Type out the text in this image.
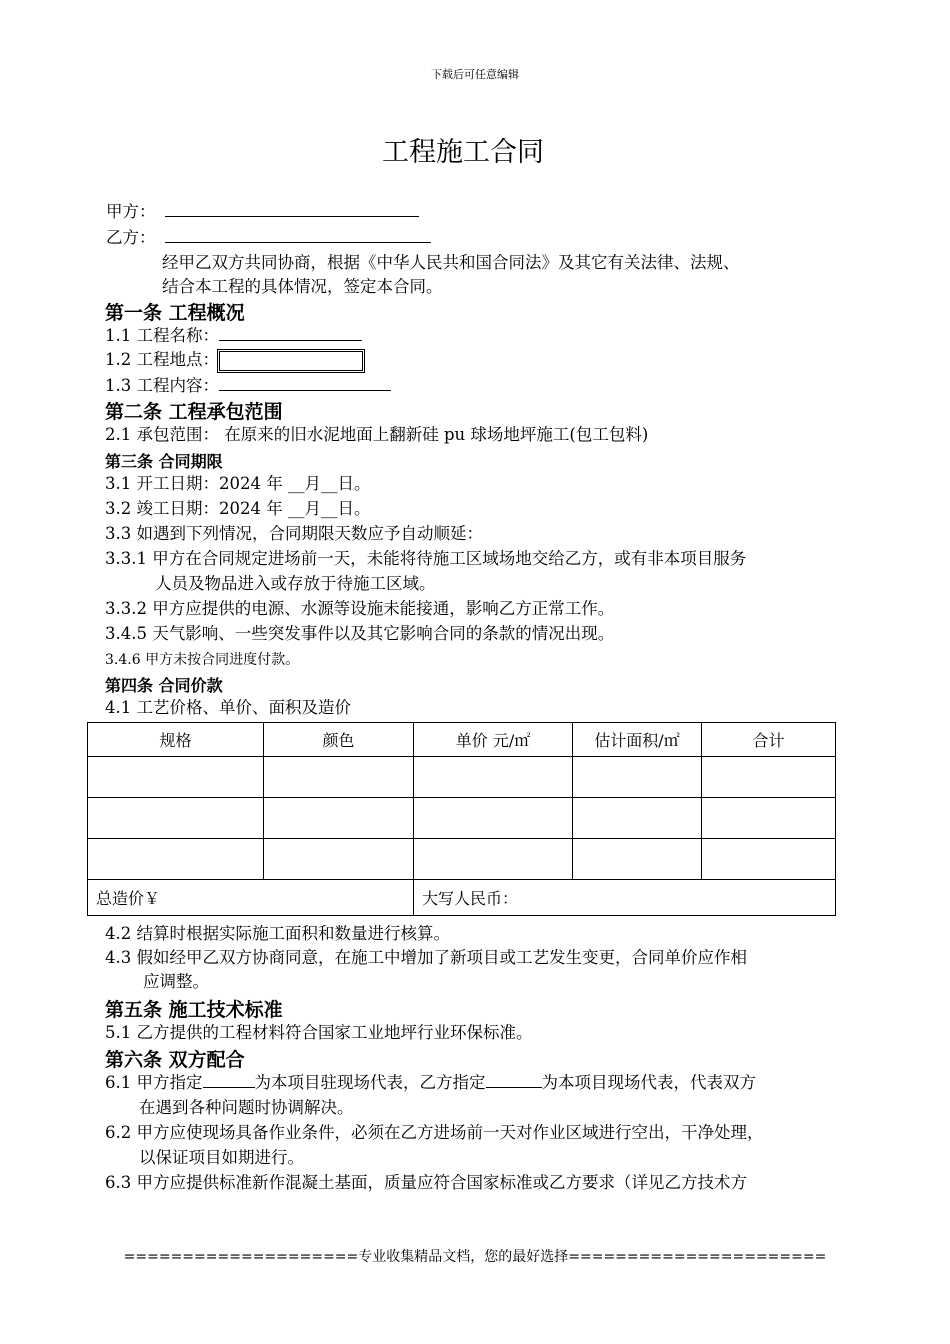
下载后可任意编辑
工程施工合同
甲方：
乙方：
经甲乙双方共同协商，根据《中华人民共和国合同法》及其它有关法律、法规、
结合本工程的具体情况，签定本合同。
第一条 工程概况
1.1 工程名称：
1.2 工程地点：
1.3 工程内容：
第二条 工程承包范围
2.1 承包范围： 在原来的旧水泥地面上翻新硅 pu 球场地坪施工(包工包料)
第三条 合同期限
3.1 开工日期：2024 年 __月__日。
3.2 竣工日期：2024 年 __月__日。
3.3 如遇到下列情况，合同期限天数应予自动顺延：
3.3.1 甲方在合同规定进场前一天，未能将待施工区域场地交给乙方，或有非本项目服务
人员及物品进入或存放于待施工区域。
3.3.2 甲方应提供的电源、水源等设施未能接通，影响乙方正常工作。
3.4.5 天气影响、一些突发事件以及其它影响合同的条款的情况出现。
3.4.6 甲方未按合同进度付款。
第四条 合同价款
4.1 工艺价格、单价、面积及造价
规格	颜色	单价 元/㎡	估计面积/㎡	合计

总造价￥		大写人民币：		
4.2 结算时根据实际施工面积和数量进行核算。
4.3 假如经甲乙双方协商同意，在施工中增加了新项目或工艺发生变更，合同单价应作相
应调整。
第五条 施工技术标准
5.1 乙方提供的工程材料符合国家工业地坪行业环保标准。
第六条 双方配合
6.1 甲方指定	为本项目驻现场代表，乙方指定	为本项目现场代表，代表双方
在遇到各种问题时协调解决。
6.2 甲方应使现场具备作业条件，必须在乙方进场前一天对作业区域进行空出，干净处理，
以保证项目如期进行。
6.3 甲方应提供标准新作混凝土基面，质量应符合国家标准或乙方要求（详见乙方技术方
====================专业收集精品文档，您的最好选择======================
